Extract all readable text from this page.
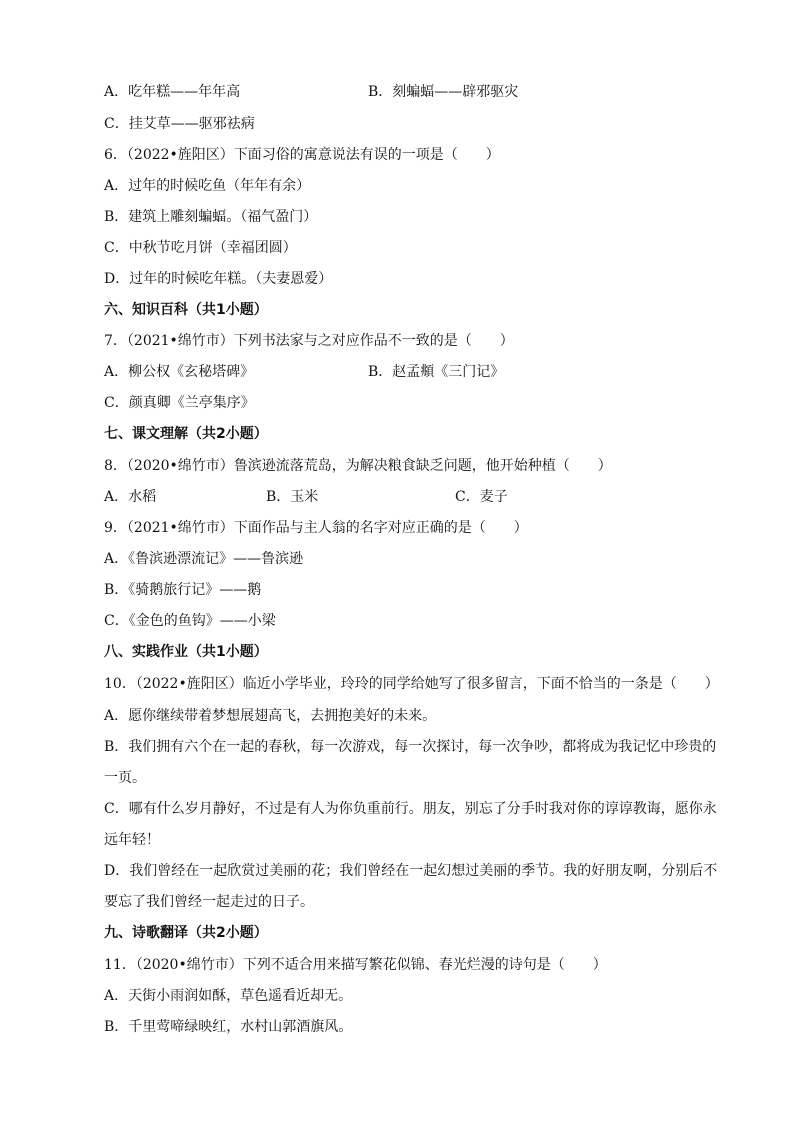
A．吃年糕——年年高	B．刻蝙蝠——辟邪驱灾
C．挂艾草——驱邪祛病
6．（2022•旌阳区）下面习俗的寓意说法有误的一项是（　　）
A．过年的时候吃鱼（年年有余）
B．建筑上雕刻蝙蝠。（福气盈门）
C．中秋节吃月饼（幸福团圆）
D．过年的时候吃年糕。（夫妻恩爱）
六、知识百科（共1小题）
7．（2021•绵竹市）下列书法家与之对应作品不一致的是（　　）
A．柳公权《玄秘塔碑》	B．赵孟頫《三门记》
C．颜真卿《兰亭集序》
七、课文理解（共2小题）
8．（2020•绵竹市）鲁滨逊流落荒岛，为解决粮食缺乏问题，他开始种植（　　）
A．水稻	B．玉米	C．麦子
9．（2021•绵竹市）下面作品与主人翁的名字对应正确的是（　　）
A．《鲁滨逊漂流记》——鲁滨逊
B．《骑鹅旅行记》——鹅
C．《金色的鱼钩》——小梁
八、实践作业（共1小题）
10．（2022•旌阳区）临近小学毕业，玲玲的同学给她写了很多留言，下面不恰当的一条是（　　）
A．愿你继续带着梦想展翅高飞，去拥抱美好的未来。
B．我们拥有六个在一起的春秋，每一次游戏，每一次探讨，每一次争吵，都将成为我记忆中珍贵的
一页。
C．哪有什么岁月静好，不过是有人为你负重前行。朋友，别忘了分手时我对你的谆谆教诲，愿你永
远年轻！
D．我们曾经在一起欣赏过美丽的花；我们曾经在一起幻想过美丽的季节。我的好朋友啊，分别后不
要忘了我们曾经一起走过的日子。
九、诗歌翻译（共2小题）
11．（2020•绵竹市）下列不适合用来描写繁花似锦、春光烂漫的诗句是（　　）
A．天街小雨润如酥，草色遥看近却无。
B．千里莺啼绿映红，水村山郭酒旗风。
